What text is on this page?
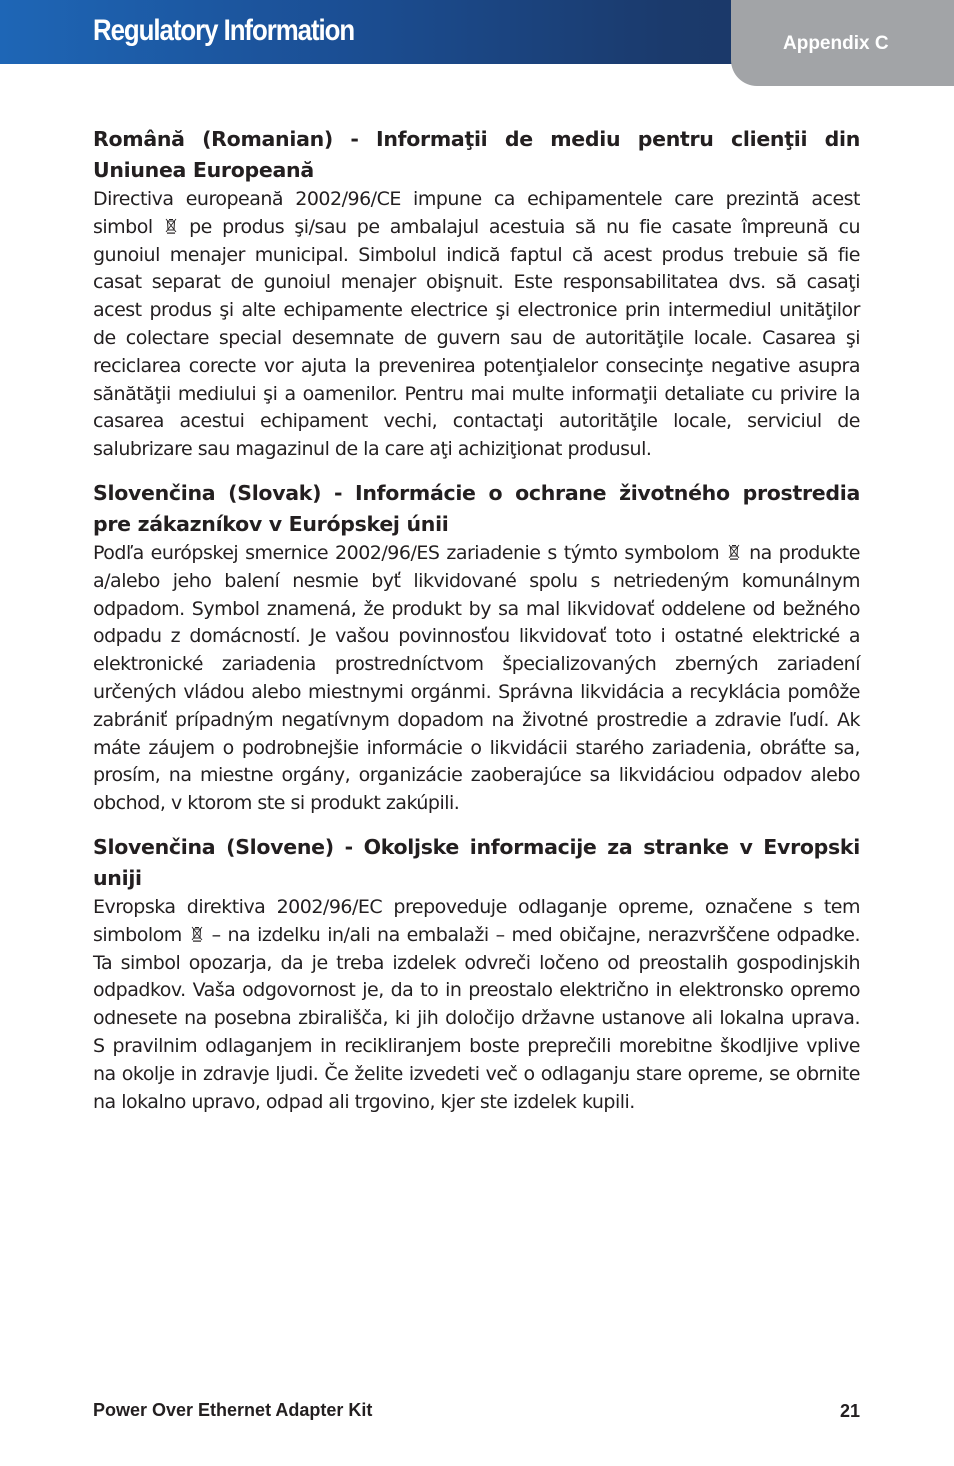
Regulatory Information	Appendix C
Română (Romanian) - Informaţii de mediu pentru clienţii din Uniunea Europeană

Directiva europeană 2002/96/CE impune ca echipamentele care prezintă acest simbol pe produs şi/sau pe ambalajul acestuia să nu fie casate împreună cu gunoiul menajer municipal. Simbolul indică faptul că acest produs trebuie să fie casat separat de gunoiul menajer obişnuit. Este responsabilitatea dvs. să casaţi acest produs şi alte echipamente electrice şi electronice prin intermediul unităţilor de colectare special desemnate de guvern sau de autorităţile locale. Casarea şi reciclarea corecte vor ajuta la prevenirea potenţialelor consecinţe negative asupra sănătăţii mediului şi a oamenilor. Pentru mai multe informaţii detaliate cu privire la casarea acestui echipament vechi, contactaţi autorităţile locale, serviciul de salubrizare sau magazinul de la care aţi achiziţionat produsul.

Slovenčina (Slovak) - Informácie o ochrane životného prostredia pre zákazníkov v Európskej únii

Podľa európskej smernice 2002/96/ES zariadenie s týmto symbolom na produkte a/alebo jeho balení nesmie byť likvidované spolu s netriedeným komunálnym odpadom. Symbol znamená, že produkt by sa mal likvidovať oddelene od bežného odpadu z domácností. Je vašou povinnosťou likvidovať toto i ostatné elektrické a elektronické zariadenia prostredníctvom špecializovaných zberných zariadení určených vládou alebo miestnymi orgánmi. Správna likvidácia a recyklácia pomôže zabrániť prípadným negatívnym dopadom na životné prostredie a zdravie ľudí. Ak máte záujem o podrobnejšie informácie o likvidácii starého zariadenia, obráťte sa, prosím, na miestne orgány, organizácie zaoberajúce sa likvidáciou odpadov alebo obchod, v ktorom ste si produkt zakúpili.

Slovenčina (Slovene) - Okoljske informacije za stranke v Evropski uniji

Evropska direktiva 2002/96/EC prepoveduje odlaganje opreme, označene s tem simbolom – na izdelku in/ali na embalaži – med običajne, nerazvrščene odpadke. Ta simbol opozarja, da je treba izdelek odvreči ločeno od preostalih gospodinjskih odpadkov. Vaša odgovornost je, da to in preostalo električno in elektronsko opremo odnesete na posebna zbirališča, ki jih določijo državne ustanove ali lokalna uprava. S pravilnim odlaganjem in recikliranjem boste preprečili morebitne škodljive vplive na okolje in zdravje ljudi. Če želite izvedeti več o odlaganju stare opreme, se obrnite na lokalno upravo, odpad ali trgovino, kjer ste izdelek kupili.

Power Over Ethernet Adapter Kit	21
